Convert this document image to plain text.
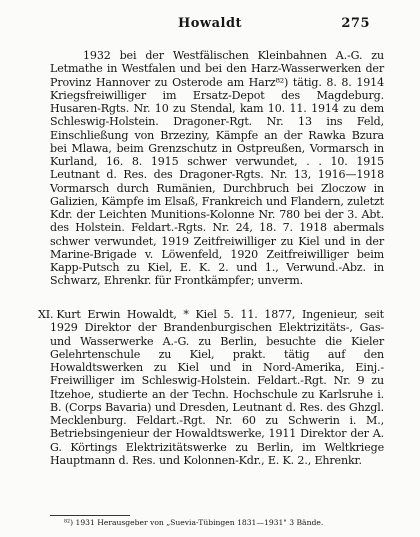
Howaldt	275
1932 bei der Westfälischen Kleinbahnen A.-G. zu Letmathe in Westfalen und bei den Harz-Wasserwerken der Provinz Hannover zu Osterode am Harz⁸²) tätig. 8. 8. 1914 Kriegsfreiwilliger im Ersatz-Depot des Magdeburg. Husaren-Rgts. Nr. 10 zu Stendal, kam 10. 11. 1914 zu dem Schleswig-Holstein. Dragoner-Rgt. Nr. 13 ins Feld, Einschließung von Brzeziny, Kämpfe an der Rawka Bzura bei Mlawa, beim Grenzschutz in Ostpreußen, Vormarsch in Kurland, 16. 8. 1915 schwer verwundet, . . 10. 1915 Leutnant d. Res. des Dragoner-Rgts. Nr. 13, 1916—1918 Vormarsch durch Rumänien, Durchbruch bei Zloczow in Galizien, Kämpfe im Elsaß, Frankreich und Flandern, zuletzt Kdr. der Leichten Munitions-Kolonne Nr. 780 bei der 3. Abt. des Holstein. Feldart.-Rgts. Nr. 24, 18. 7. 1918 abermals schwer verwundet, 1919 Zeitfreiwilliger zu Kiel und in der Marine-Brigade v. Löwenfeld, 1920 Zeitfreiwilliger beim Kapp-Putsch zu Kiel, E. K. 2. und 1., Verwund.-Abz. in Schwarz, Ehrenkr. für Frontkämpfer; unverm.
XI. Kurt Erwin Howaldt, * Kiel 5. 11. 1877, Ingenieur, seit 1929 Direktor der Brandenburgischen Elektrizitäts-, Gas- und Wasserwerke A.-G. zu Berlin, besuchte die Kieler Gelehrtenschule zu Kiel, prakt. tätig auf den Howaldtswerken zu Kiel und in Nord-Amerika, Einj.-Freiwilliger im Schleswig-Holstein. Feldart.-Rgt. Nr. 9 zu Itzehoe, studierte an der Techn. Hochschule zu Karlsruhe i. B. (Corps Bavaria) und Dresden, Leutnant d. Res. des Ghzgl. Mecklenburg. Feldart.-Rgt. Nr. 60 zu Schwerin i. M., Betriebsingenieur der Howaldtswerke, 1911 Direktor der A. G. Körtings Elektrizitätswerke zu Berlin, im Weltkriege Hauptmann d. Res. und Kolonnen-Kdr., E. K. 2., Ehrenkr.
⁸²) 1931 Herausgeber von „Suevia-Tübingen 1831—1931" 3 Bände.
